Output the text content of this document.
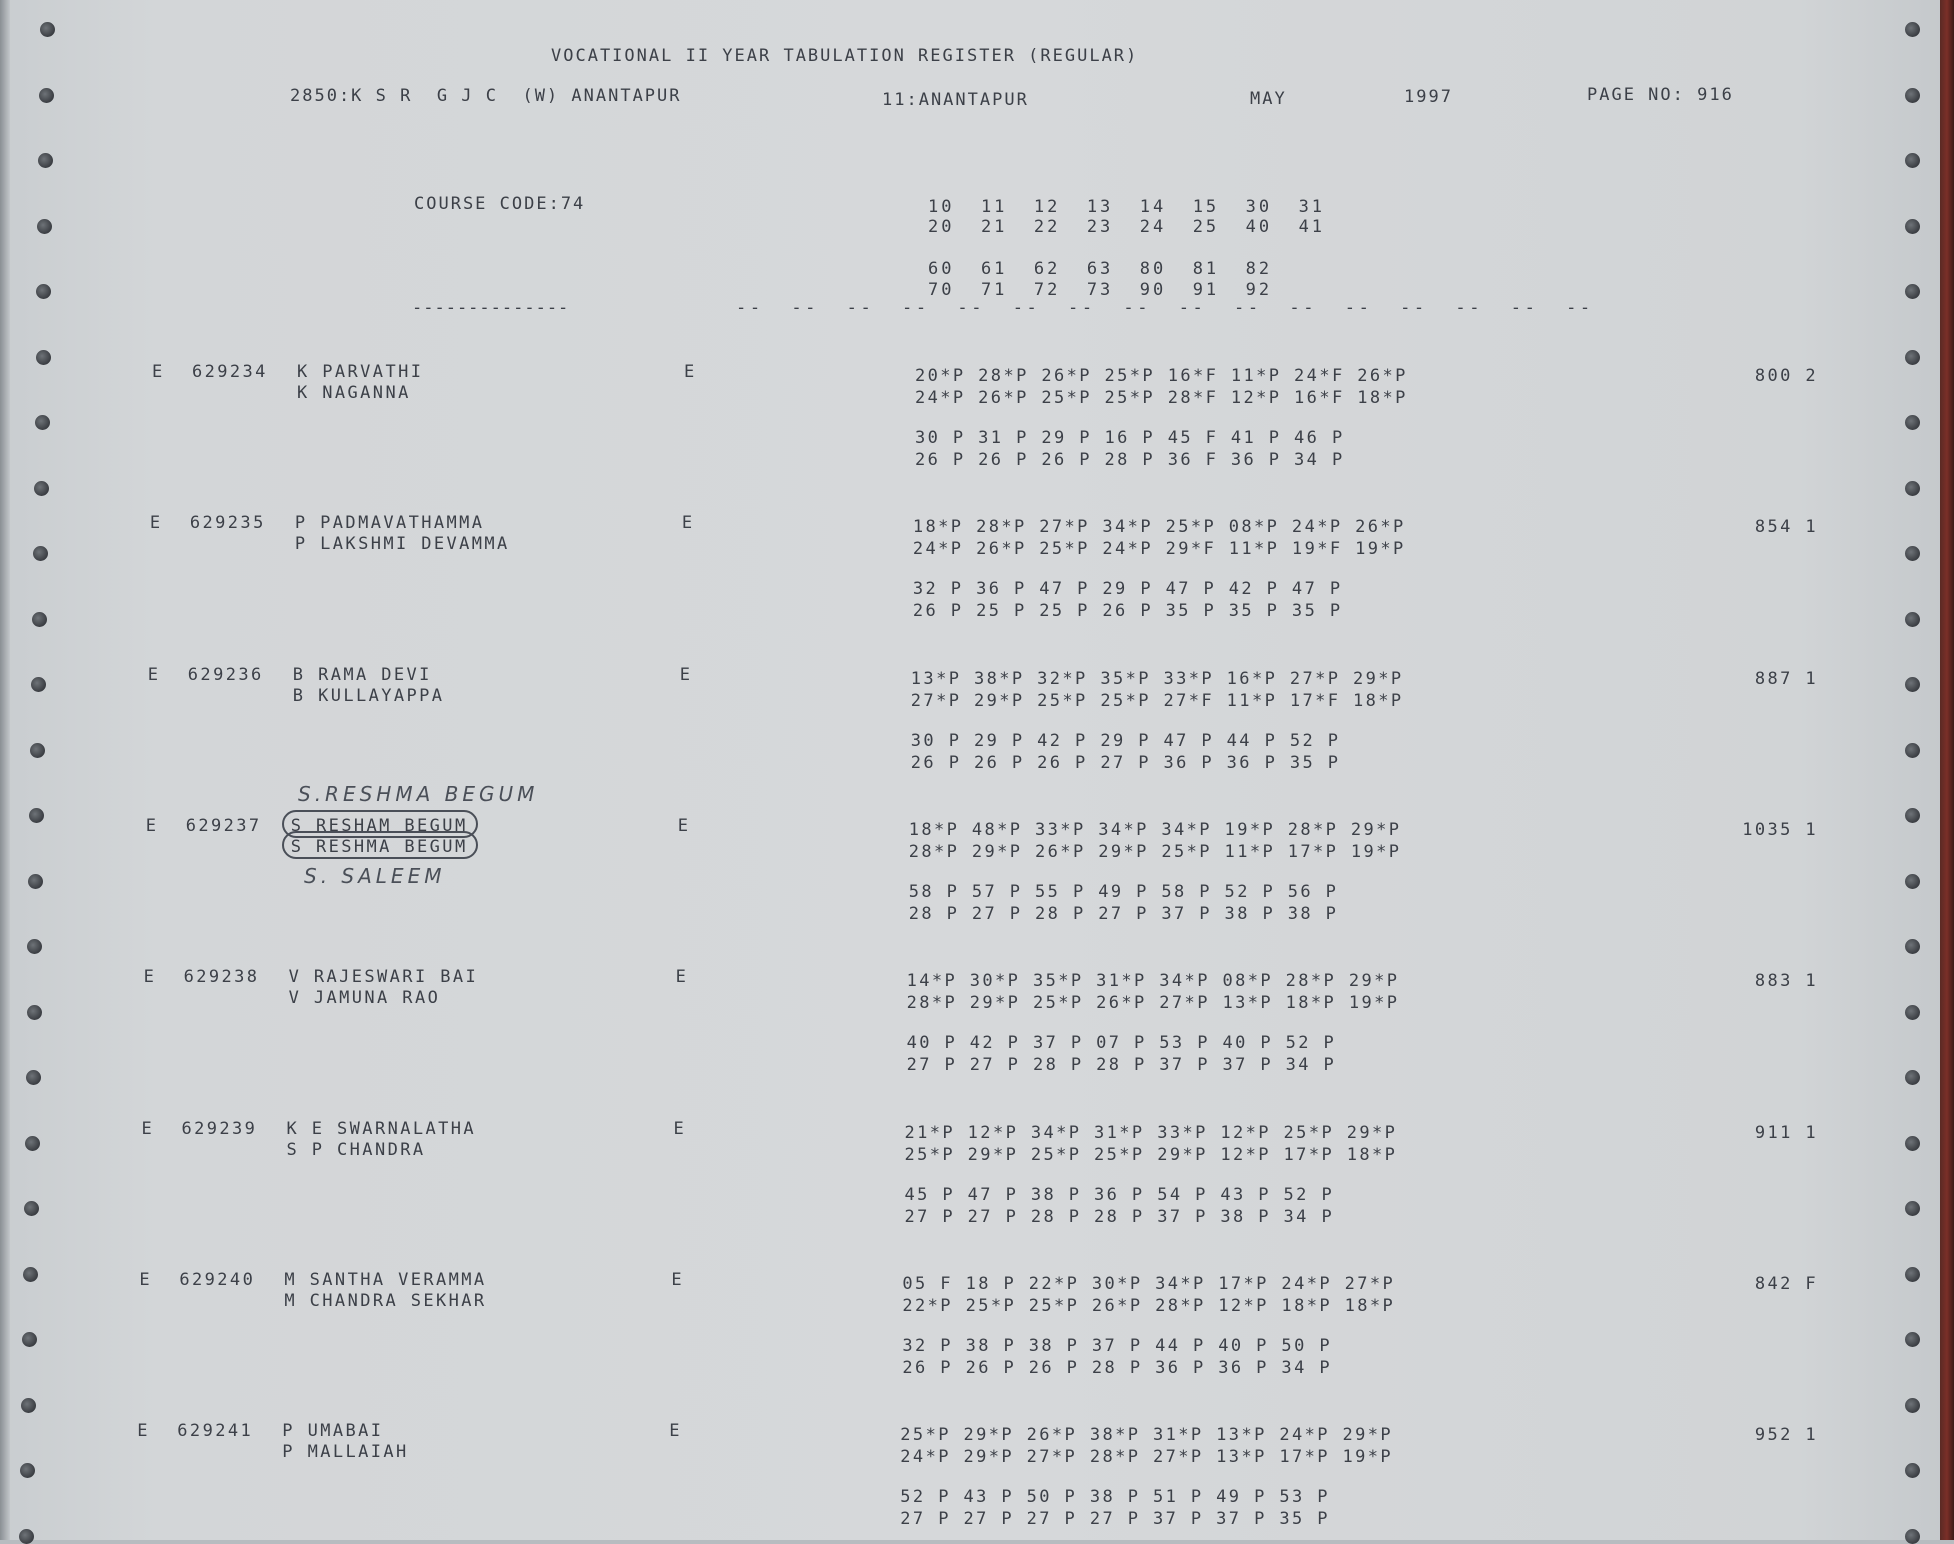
VOCATIONAL II YEAR TABULATION REGISTER (REGULAR)
2850:K S R  G J C  (W) ANANTAPUR	11:ANANTAPUR	MAY	1997	PAGE NO: 916
COURSE CODE:74	10  11  12  13  14  15  30  31
20  21  22  23  24  25  40  41
60  61  62  63  80  81  82
70  71  72  73  90  91  92
--------------	--  --  --  --  --  --  --  --  --  --  --  --  --  --  --  --
E 629234 K PARVATHI
K NAGANNA
E	20*P 28*P 26*P 25*P 16*F 11*P 24*F 26*P
24*P 26*P 25*P 25*P 28*F 12*P 16*F 18*P
30 P 31 P 29 P 16 P 45 F 41 P 46 P
26 P 26 P 26 P 28 P 36 F 36 P 34 P
800 2
E 629235 P PADMAVATHAMMA
P LAKSHMI DEVAMMA
E	18*P 28*P 27*P 34*P 25*P 08*P 24*P 26*P
24*P 26*P 25*P 24*P 29*F 11*P 19*F 19*P
32 P 36 P 47 P 29 P 47 P 42 P 47 P
26 P 25 P 25 P 26 P 35 P 35 P 35 P
854 1
E 629236 B RAMA DEVI
B KULLAYAPPA
E	13*P 38*P 32*P 35*P 33*P 16*P 27*P 29*P
27*P 29*P 25*P 25*P 27*F 11*P 17*F 18*P
30 P 29 P 42 P 29 P 47 P 44 P 52 P
26 P 26 P 26 P 27 P 36 P 36 P 35 P
887 1
E 629237 S RESHAM BEGUM
S RESHMA BEGUM
E	18*P 48*P 33*P 34*P 34*P 19*P 28*P 29*P
28*P 29*P 26*P 29*P 25*P 11*P 17*P 19*P
58 P 57 P 55 P 49 P 58 P 52 P 56 P
28 P 27 P 28 P 27 P 37 P 38 P 38 P
1035 1
E 629238 V RAJESWARI BAI
V JAMUNA RAO
E	14*P 30*P 35*P 31*P 34*P 08*P 28*P 29*P
28*P 29*P 25*P 26*P 27*P 13*P 18*P 19*P
40 P 42 P 37 P 07 P 53 P 40 P 52 P
27 P 27 P 28 P 28 P 37 P 37 P 34 P
883 1
E 629239 K E SWARNALATHA
S P CHANDRA
E	21*P 12*P 34*P 31*P 33*P 12*P 25*P 29*P
25*P 29*P 25*P 25*P 29*P 12*P 17*P 18*P
45 P 47 P 38 P 36 P 54 P 43 P 52 P
27 P 27 P 28 P 28 P 37 P 38 P 34 P
911 1
E 629240 M SANTHA VERAMMA
M CHANDRA SEKHAR
E	05 F 18 P 22*P 30*P 34*P 17*P 24*P 27*P
22*P 25*P 25*P 26*P 28*P 12*P 18*P 18*P
32 P 38 P 38 P 37 P 44 P 40 P 50 P
26 P 26 P 26 P 28 P 36 P 36 P 34 P
842 F
E 629241 P UMABAI
P MALLAIAH
E	25*P 29*P 26*P 38*P 31*P 13*P 24*P 29*P
24*P 29*P 27*P 28*P 27*P 13*P 17*P 19*P
52 P 43 P 50 P 38 P 51 P 49 P 53 P
27 P 27 P 27 P 27 P 37 P 37 P 35 P
952 1
S.RESHMA BEGUM
S. SALEEM
